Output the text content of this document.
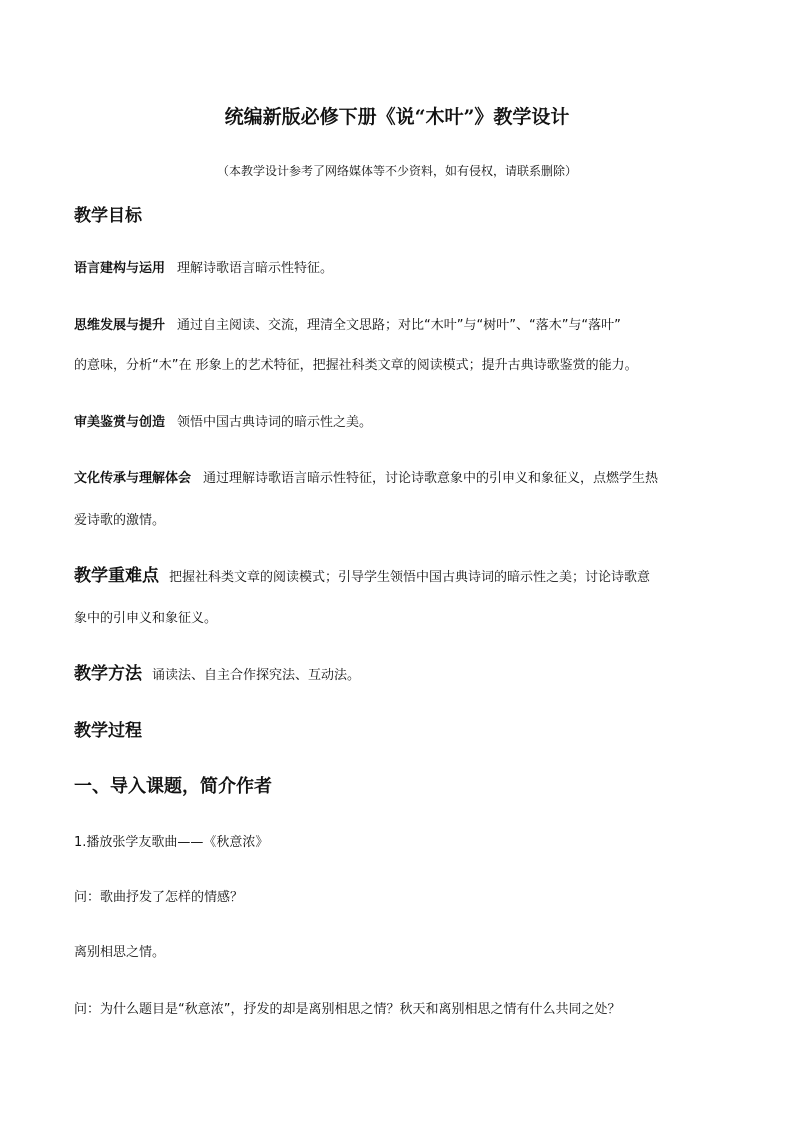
统编新版必修下册《说“木叶”》教学设计
（本教学设计参考了网络媒体等不少资料，如有侵权，请联系删除）
教学目标
语言建构与运用 理解诗歌语言暗示性特征。
思维发展与提升 通过自主阅读、交流，理清全文思路；对比“木叶”与“树叶”、“落木”与“落叶”
的意味，分析“木”在 形象上的艺术特征，把握社科类文章的阅读模式；提升古典诗歌鉴赏的能力。
审美鉴赏与创造 领悟中国古典诗词的暗示性之美。
文化传承与理解体会 通过理解诗歌语言暗示性特征，讨论诗歌意象中的引申义和象征义，点燃学生热
爱诗歌的激情。
教学重难点 把握社科类文章的阅读模式；引导学生领悟中国古典诗词的暗示性之美；讨论诗歌意
象中的引申义和象征义。
教学方法 诵读法、自主合作探究法、互动法。
教学过程
一、导入课题，简介作者
1.播放张学友歌曲——《秋意浓》
问：歌曲抒发了怎样的情感？
离别相思之情。
问：为什么题目是“秋意浓”，抒发的却是离别相思之情？秋天和离别相思之情有什么共同之处？
